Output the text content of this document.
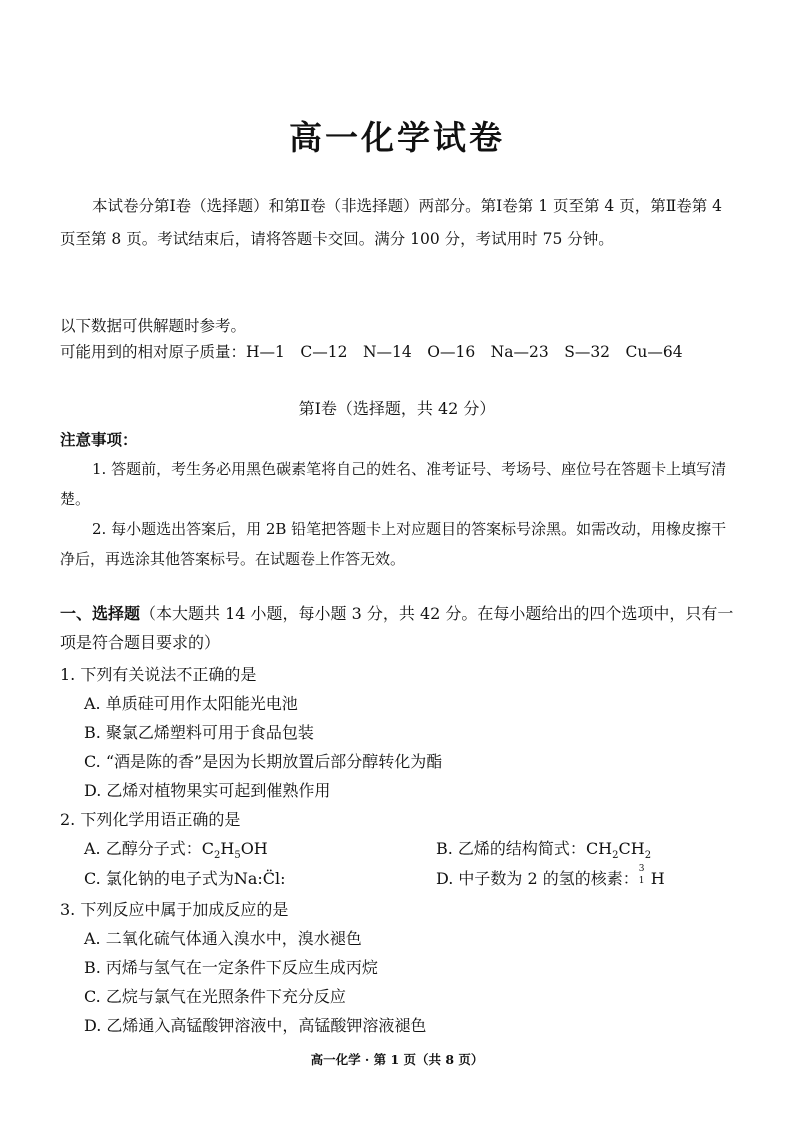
高一化学试卷
本试卷分第Ⅰ卷（选择题）和第Ⅱ卷（非选择题）两部分。第Ⅰ卷第 1 页至第 4 页，第Ⅱ卷第 4 页至第 8 页。考试结束后，请将答题卡交回。满分 100 分，考试用时 75 分钟。
以下数据可供解题时参考。
可能用到的相对原子质量：H—1　C—12　N—14　O—16　Na—23　S—32　Cu—64
第Ⅰ卷（选择题，共 42 分）
注意事项：
1. 答题前，考生务必用黑色碳素笔将自己的姓名、准考证号、考场号、座位号在答题卡上填写清楚。
2. 每小题选出答案后，用 2B 铅笔把答题卡上对应题目的答案标号涂黑。如需改动，用橡皮擦干净后，再选涂其他答案标号。在试题卷上作答无效。
一、选择题（本大题共 14 小题，每小题 3 分，共 42 分。在每小题给出的四个选项中，只有一项是符合题目要求的）
1. 下列有关说法不正确的是
A. 单质硅可用作太阳能光电池
B. 聚氯乙烯塑料可用于食品包装
C. “酒是陈的香”是因为长期放置后部分醇转化为酯
D. 乙烯对植物果实可起到催熟作用
2. 下列化学用语正确的是
A. 乙醇分子式：$C_2H_5OH$	B. 乙烯的结构简式：$CH_2CH_2$
C. 氯化钠的电子式为Na:C̈l:	D. 中子数为 2 的氢的核素： 3
1 H
3. 下列反应中属于加成反应的是
A. 二氧化硫气体通入溴水中，溴水褪色
B. 丙烯与氢气在一定条件下反应生成丙烷
C. 乙烷与氯气在光照条件下充分反应
D. 乙烯通入高锰酸钾溶液中，高锰酸钾溶液褪色
高一化学 · 第 1 页（共 8 页）
